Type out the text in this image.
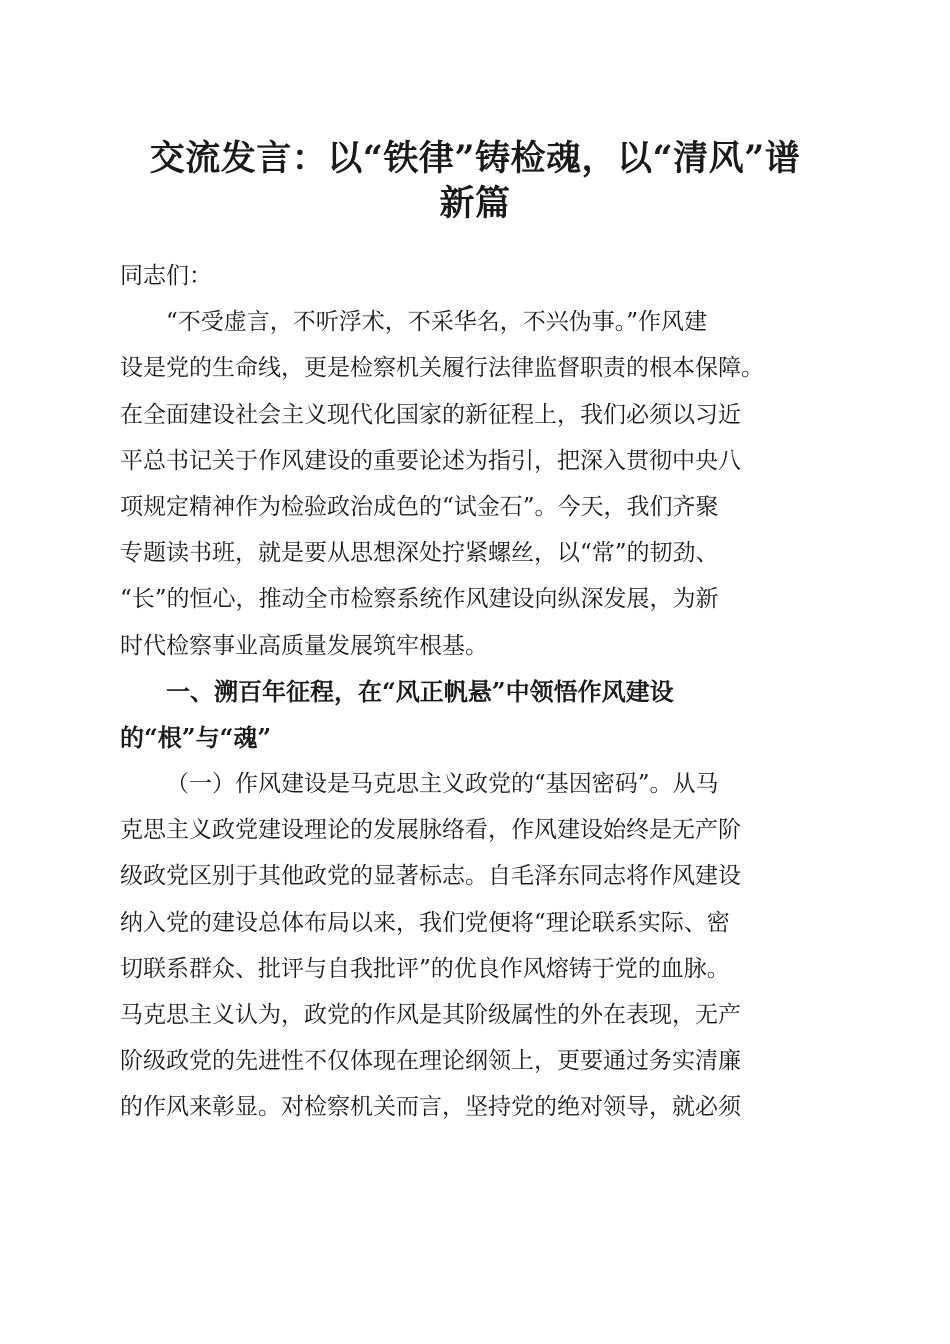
交流发言：以“铁律”铸检魂，以“清风”谱
新篇
同志们：
“不受虚言，不听浮术，不采华名，不兴伪事。”作风建
设是党的生命线，更是检察机关履行法律监督职责的根本保障。
在全面建设社会主义现代化国家的新征程上，我们必须以习近
平总书记关于作风建设的重要论述为指引，把深入贯彻中央八
项规定精神作为检验政治成色的“试金石”。今天，我们齐聚
专题读书班，就是要从思想深处拧紧螺丝，以“常”的韧劲、
“长”的恒心，推动全市检察系统作风建设向纵深发展，为新
时代检察事业高质量发展筑牢根基。
一、溯百年征程，在“风正帆悬”中领悟作风建设
的“根”与“魂”
（一）作风建设是马克思主义政党的“基因密码”。从马
克思主义政党建设理论的发展脉络看，作风建设始终是无产阶
级政党区别于其他政党的显著标志。自毛泽东同志将作风建设
纳入党的建设总体布局以来，我们党便将“理论联系实际、密
切联系群众、批评与自我批评”的优良作风熔铸于党的血脉。
马克思主义认为，政党的作风是其阶级属性的外在表现，无产
阶级政党的先进性不仅体现在理论纲领上，更要通过务实清廉
的作风来彰显。对检察机关而言，坚持党的绝对领导，就必须
